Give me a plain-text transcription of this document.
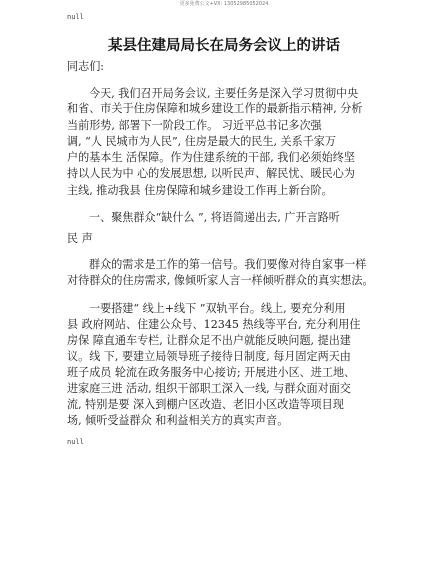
更多免费公文+VX: 13052985052024
null
某县住建局局长在局务会议上的讲话
同志们:
今天, 我们召开局务会议, 主要任务是深入学习贯彻中央
和省、市关于住房保障和城乡建设工作的最新指示精神, 分析
当前形势, 部署下一阶段工作。 习近平总书记多次强
调, “人 民城市为人民”, 住房是最大的民生, 关系千家万
户的基本生 活保障。作为住建系统的干部, 我们必须始终坚
持以人民为中 心的发展思想, 以听民声、解民忧、暖民心为
主线, 推动我县 住房保障和城乡建设工作再上新台阶。
一、聚焦群众“缺什么 ”, 将语简递出去, 广开言路听
民 声
群众的需求是工作的第一信号。我们要像对待自家事一样
对待群众的住房需求, 像倾听家人言一样倾听群众的真实想法。
一要搭建“ 线上+线下 ”双轨平台。线上, 要充分利用
县 政府网站、住建公众号、12345 热线等平台, 充分利用住
房保 障直通车专栏, 让群众足不出户就能反映问题, 提出建
议。线 下, 要建立局领导班子接待日制度, 每月固定两天由
班子成员 轮流在政务服务中心接访; 开展进小区、进工地、
进家庭三进 活动, 组织干部职工深入一线, 与群众面对面交
流, 特别是要 深入到棚户区改造、老旧小区改造等项目现
场, 倾听受益群众 和利益相关方的真实声音。
null
